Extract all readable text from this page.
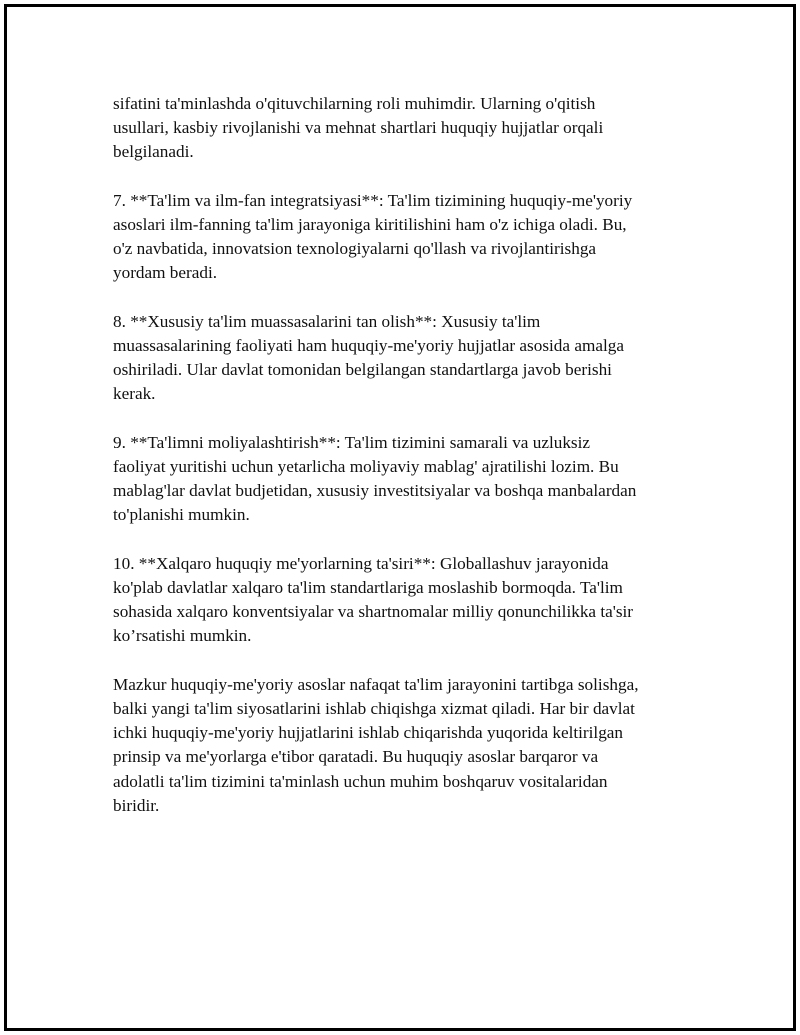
sifatini ta'minlashda o'qituvchilarning roli muhimdir. Ularning o'qitish
usullari, kasbiy rivojlanishi va mehnat shartlari huquqiy hujjatlar orqali
belgilanadi.

7. **Ta'lim va ilm-fan integratsiyasi**: Ta'lim tizimining huquqiy-me'yoriy
asoslari ilm-fanning ta'lim jarayoniga kiritilishini ham o'z ichiga oladi. Bu,
o'z navbatida, innovatsion texnologiyalarni qo'llash va rivojlantirishga
yordam beradi.

8. **Xususiy ta'lim muassasalarini tan olish**: Xususiy ta'lim
muassasalarining faoliyati ham huquqiy-me'yoriy hujjatlar asosida amalga
oshiriladi. Ular davlat tomonidan belgilangan standartlarga javob berishi
kerak.

9. **Ta'limni moliyalashtirish**: Ta'lim tizimini samarali va uzluksiz
faoliyat yuritishi uchun yetarlicha moliyaviy mablag' ajratilishi lozim. Bu
mablag'lar davlat budjetidan, xususiy investitsiyalar va boshqa manbalardan
to'planishi mumkin.

10. **Xalqaro huquqiy me'yorlarning ta'siri**: Globallashuv jarayonida
ko'plab davlatlar xalqaro ta'lim standartlariga moslashib bormoqda. Ta'lim
sohasida xalqaro konventsiyalar va shartnomalar milliy qonunchilikka ta'sir
ko’rsatishi mumkin.

Mazkur huquqiy-me'yoriy asoslar nafaqat ta'lim jarayonini tartibga solishga,
balki yangi ta'lim siyosatlarini ishlab chiqishga xizmat qiladi. Har bir davlat
ichki huquqiy-me'yoriy hujjatlarini ishlab chiqarishda yuqorida keltirilgan
prinsip va me'yorlarga e'tibor qaratadi. Bu huquqiy asoslar barqaror va
adolatli ta'lim tizimini ta'minlash uchun muhim boshqaruv vositalaridan
biridir.
